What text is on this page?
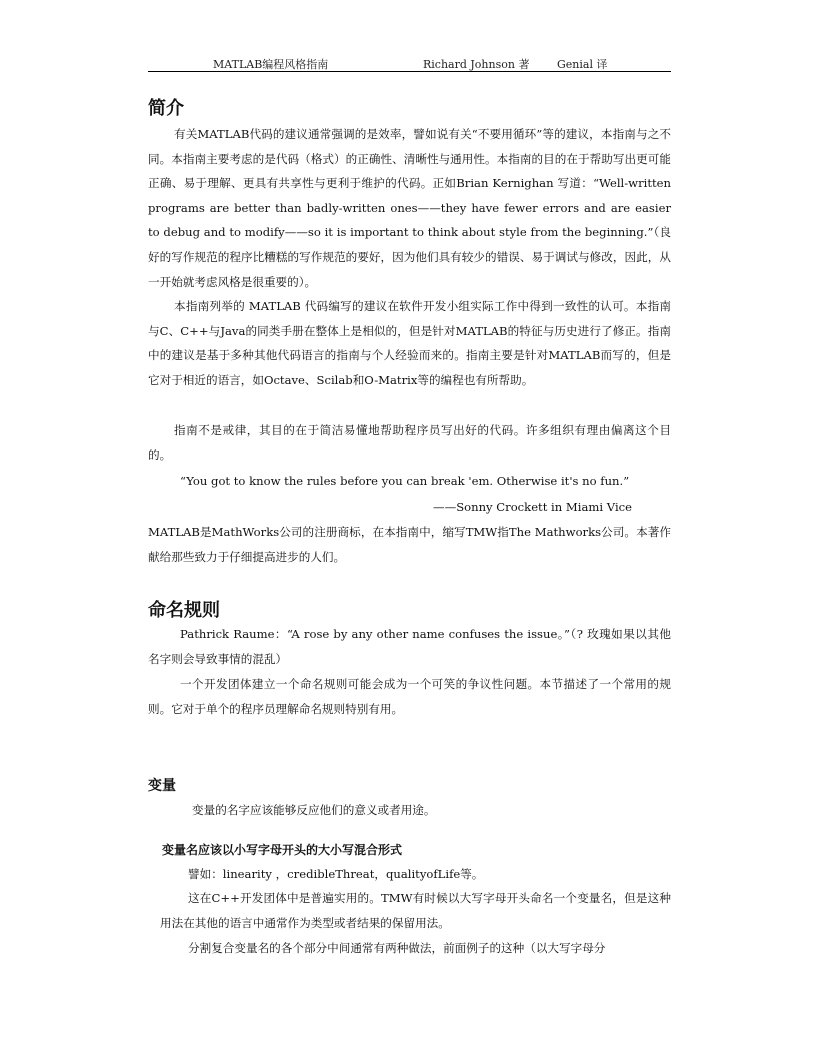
MATLAB编程风格指南	Richard Johnson 著	Genial 译
简介

有关MATLAB代码的建议通常强调的是效率，譬如说有关“不要用循环”等的建议，本指南与之不同。本指南主要考虑的是代码（格式）的正确性、清晰性与通用性。本指南的目的在于帮助写出更可能正确、易于理解、更具有共享性与更利于维护的代码。正如Brian Kernighan 写道：“Well-written programs are better than badly-written ones——they have fewer errors and are easier to debug and to modify——so it is important to think about style from the beginning.”（良好的写作规范的程序比糟糕的写作规范的要好，因为他们具有较少的错误、易于调试与修改，因此，从一开始就考虑风格是很重要的）。

本指南列举的 MATLAB 代码编写的建议在软件开发小组实际工作中得到一致性的认可。本指南与C、C++与Java的同类手册在整体上是相似的，但是针对MATLAB的特征与历史进行了修正。指南中的建议是基于多种其他代码语言的指南与个人经验而来的。指南主要是针对MATLAB而写的，但是它对于相近的语言，如Octave、Scilab和O-Matrix等的编程也有所帮助。

指南不是戒律，其目的在于简洁易懂地帮助程序员写出好的代码。许多组织有理由偏离这个目的。

“You got to know the rules before you can break 'em. Otherwise it's no fun.”

——Sonny Crockett in Miami Vice

MATLAB是MathWorks公司的注册商标，在本指南中，缩写TMW指The Mathworks公司。本著作献给那些致力于仔细提高进步的人们。

命名规则

Pathrick Raume：“A rose by any other name confuses the issue。”（? 玫瑰如果以其他名字则会导致事情的混乱）

一个开发团体建立一个命名规则可能会成为一个可笑的争议性问题。本节描述了一个常用的规则。它对于单个的程序员理解命名规则特别有用。

变量

变量的名字应该能够反应他们的意义或者用途。

变量名应该以小写字母开头的大小写混合形式

譬如：linearity ，credibleThreat，qualityofLife等。

这在C++开发团体中是普遍实用的。TMW有时候以大写字母开头命名一个变量名，但是这种用法在其他的语言中通常作为类型或者结果的保留用法。

分割复合变量名的各个部分中间通常有两种做法，前面例子的这种（以大写字母分
